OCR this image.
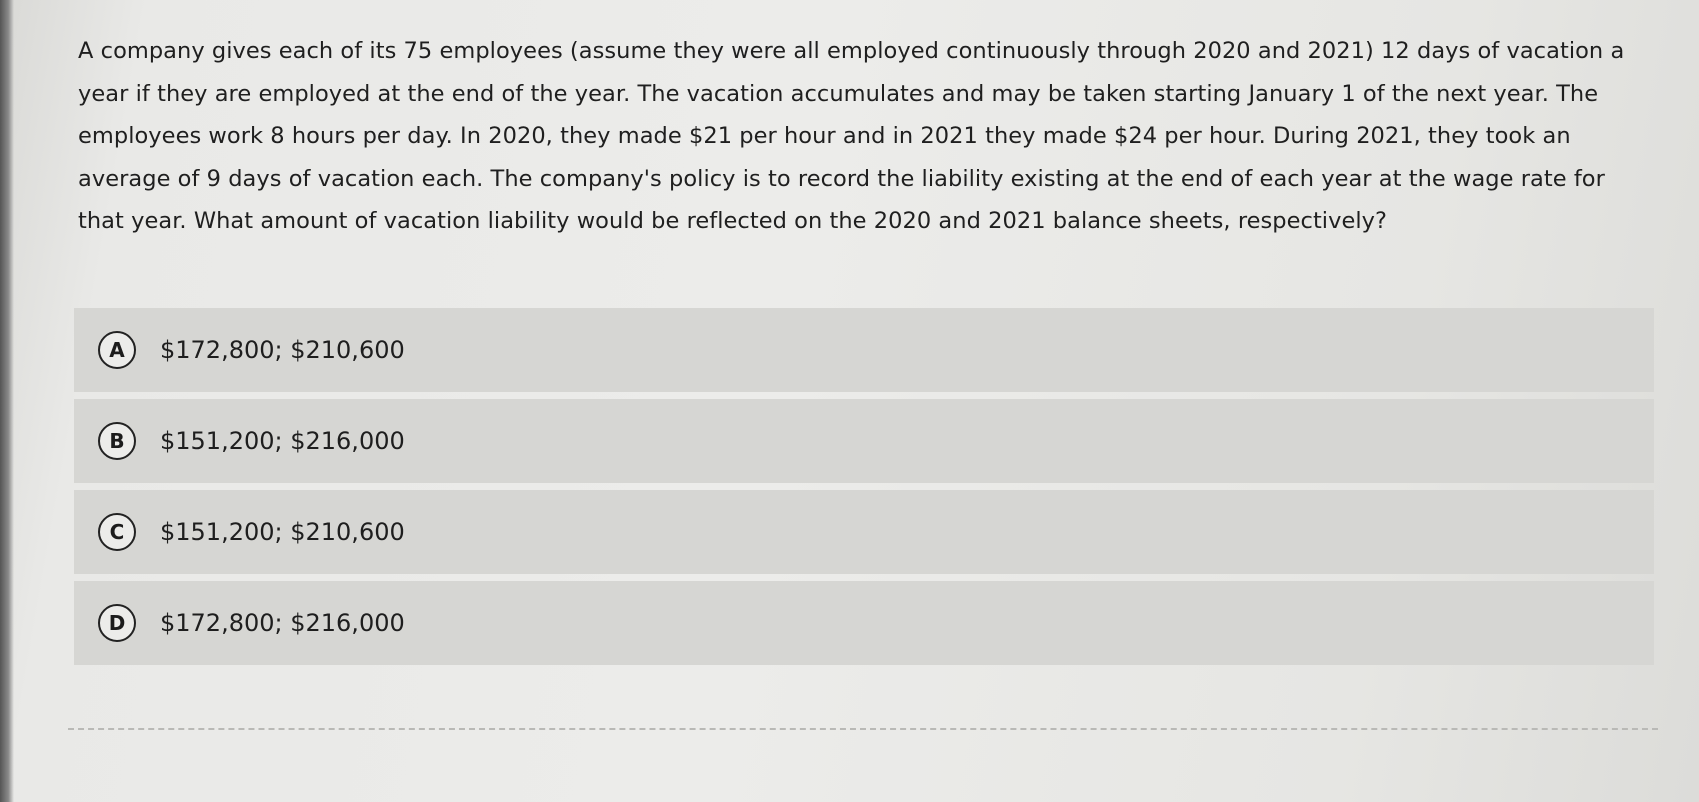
A company gives each of its 75 employees (assume they were all employed continuously through 2020 and 2021) 12 days of vacation a year if they are employed at the end of the year. The vacation accumulates and may be taken starting January 1 of the next year. The employees work 8 hours per day. In 2020, they made $21 per hour and in 2021 they made $24 per hour. During 2021, they took an average of 9 days of vacation each. The company's policy is to record the liability existing at the end of each year at the wage rate for that year. What amount of vacation liability would be reflected on the 2020 and 2021 balance sheets, respectively?
A	$172,800; $210,600
B	$151,200; $216,000
C	$151,200; $210,600
D	$172,800; $216,000
